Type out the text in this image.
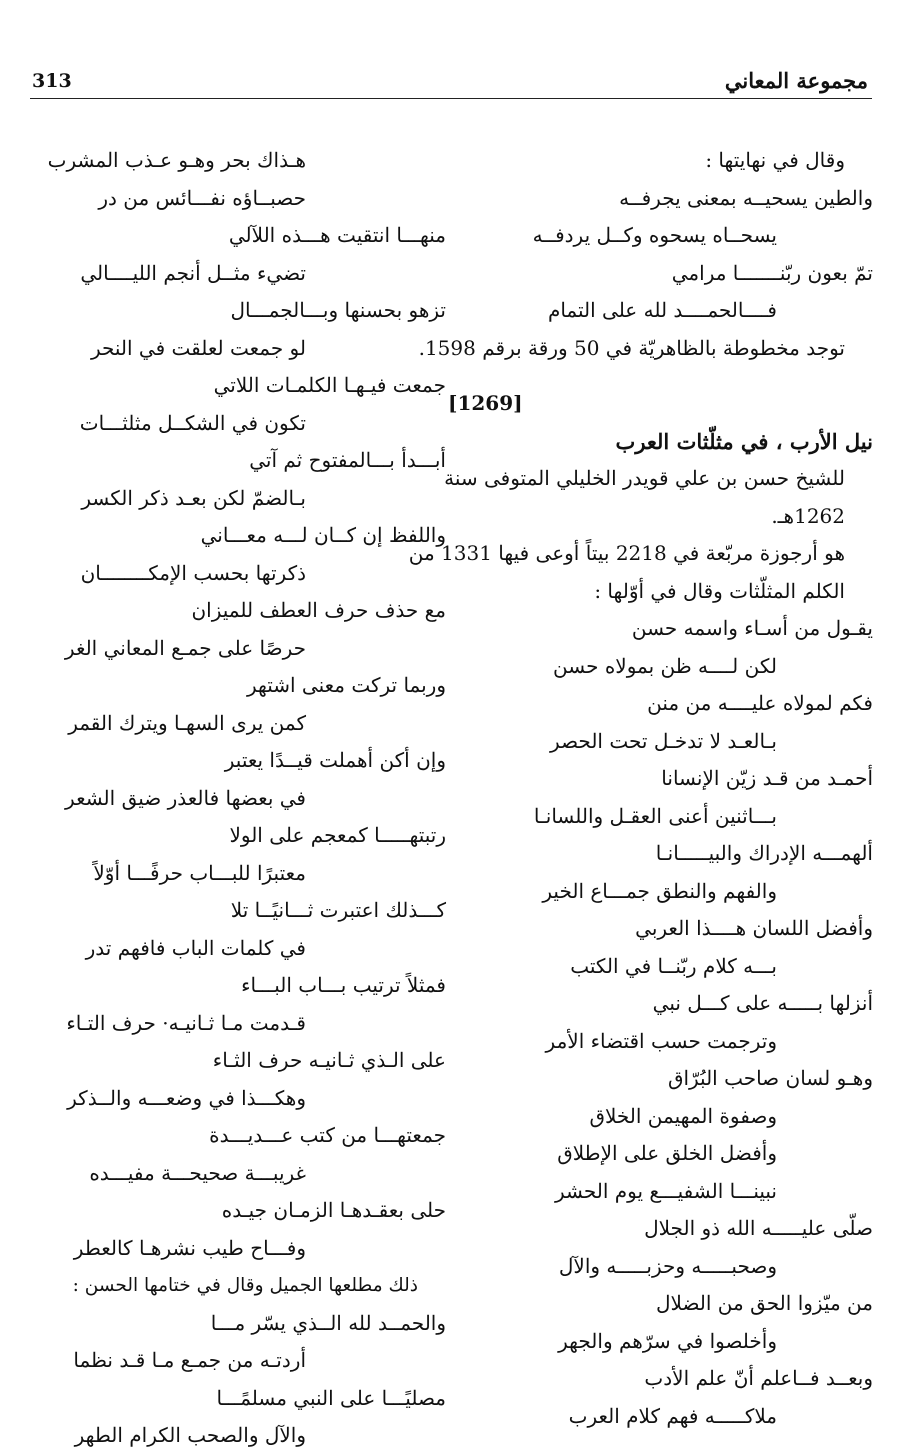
مجموعة المعاني
313
وقال في نهايتها :
والطين يسحيــه بمعنى يجرفــه
يسحــاه يسحوه وكــل يردفــه
تمّ بعون ربّنـــــــا مرامي
فــــالحمــــد لله على التمام
توجد مخطوطة بالظاهريّة في 50 ورقة برقم 1598.
[1269]
نيل الأرب ، في مثلّثات العرب
للشيخ حسن بن علي قويدر الخليلي المتوفى سنة
1262هـ.
هو أرجوزة مربّعة في 2218 بيتاً أوعى فيها 1331 من
الكلم المثلّثات وقال في أوّلها :
يقـول من أسـاء واسمه حسن
لكن لــــه ظن بمولاه حسن
فكم لمولاه عليــــه من منن
بـالعـد لا تدخـل تحت الحصر
أحمـد من قـد زيّن الإنسانا
بـــاثنين أعنى العقـل واللسانـا
ألهمـــه الإدراك والبيـــــانـا
والفهم والنطق جمـــاع الخير
وأفضل اللسان هــــذا العربي
بـــه كلام ربّنــا في الكتب
أنزلها بـــــه على كـــل نبي
وترجمت حسب اقتضاء الأمر
وهـو لسان صاحب البُرّاق
وصفوة المهيمن الخلاق
وأفضل الخلق على الإطلاق
نبينـــا الشفيـــع يوم الحشر
صلّى عليـــــه الله ذو الجلال
وصحبـــــه وحزبـــــه والآل
من ميّزوا الحق من الضلال
وأخلصوا في سرّهم والجهر
وبعــد فــاعلم أنّ علم الأدب
ملاكـــــه فهم كلام العرب
هـذاك بحر وهـو عـذب المشرب
حصبــاؤه نفـــائس من در
منهـــا انتقيت هـــذه اللآلي
تضيء مثــل أنجم الليــــالي
تزهو بحسنها وبـــالجمـــال
لو جمعت لعلقت في النحر
جمعت فيـهـا الكلمـات اللاتي
تكون في الشكــل مثلثـــات
أبـــدأ بـــالمفتوح ثم آتي
بـالضمّ لكن بعـد ذكر الكسر
واللفظ إن كــان لـــه معـــاني
ذكرتها بحسب الإمكــــــــان
مع حذف حرف العطف للميزان
حرصًا على جمـع المعاني الغر
وربما تركت معنى اشتهر
كمن يرى السهـا ويترك القمر
وإن أكن أهملت قيــدًا يعتبر
في بعضها فالعذر ضيق الشعر
رتبتهـــــا كمعجم على الولا
معتبرًا للبـــاب حرفًـــا أوّلاً
كـــذلك اعتبرت ثـــانيًــا تلا
في كلمات الباب فافهم تدر
فمثلاً ترتيب بـــاب البـــاء
قـدمت مـا ثـانيـه· حرف التـاء
على الـذي ثـانيـه حرف الثـاء
وهكـــذا في وضعـــه والــذكر
جمعتهـــا من كتب عـــديـــدة
غريبـــة صحيحـــة مفيـــده
حلى بعقـدهـا الزمـان جيـده
وفـــاح طيب نشرهـا كالعطر
ذلك مطلعها الجميل وقال في ختامها الحسن :
والحمــد لله الــذي يسّر مـــا
أردتـه من جمـع مـا قـد نظما
مصليًـــا على النبي مسلمًـــا
والآل والصحب الكرام الطهر
